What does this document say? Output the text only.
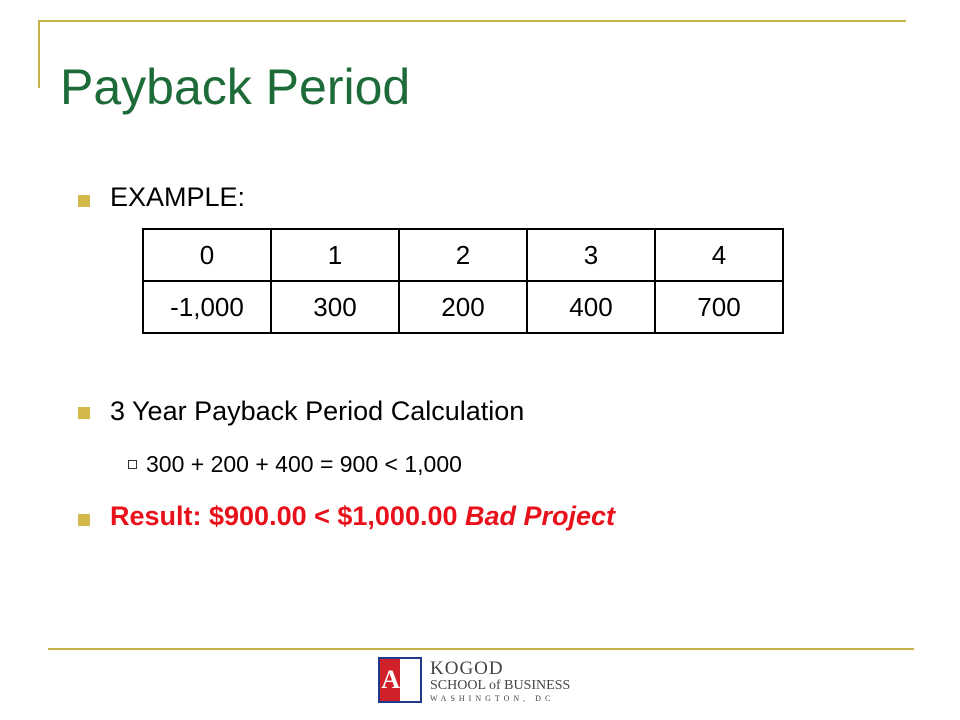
Payback Period
EXAMPLE:
0	1	2	3	4
-1,000	300	200	400	700
3 Year Payback Period Calculation
300 + 200 + 400 = 900 < 1,000
Result: $900.00 < $1,000.00 Bad Project
AU KOGOD
SCHOOL of BUSINESS
WASHINGTON, DC
